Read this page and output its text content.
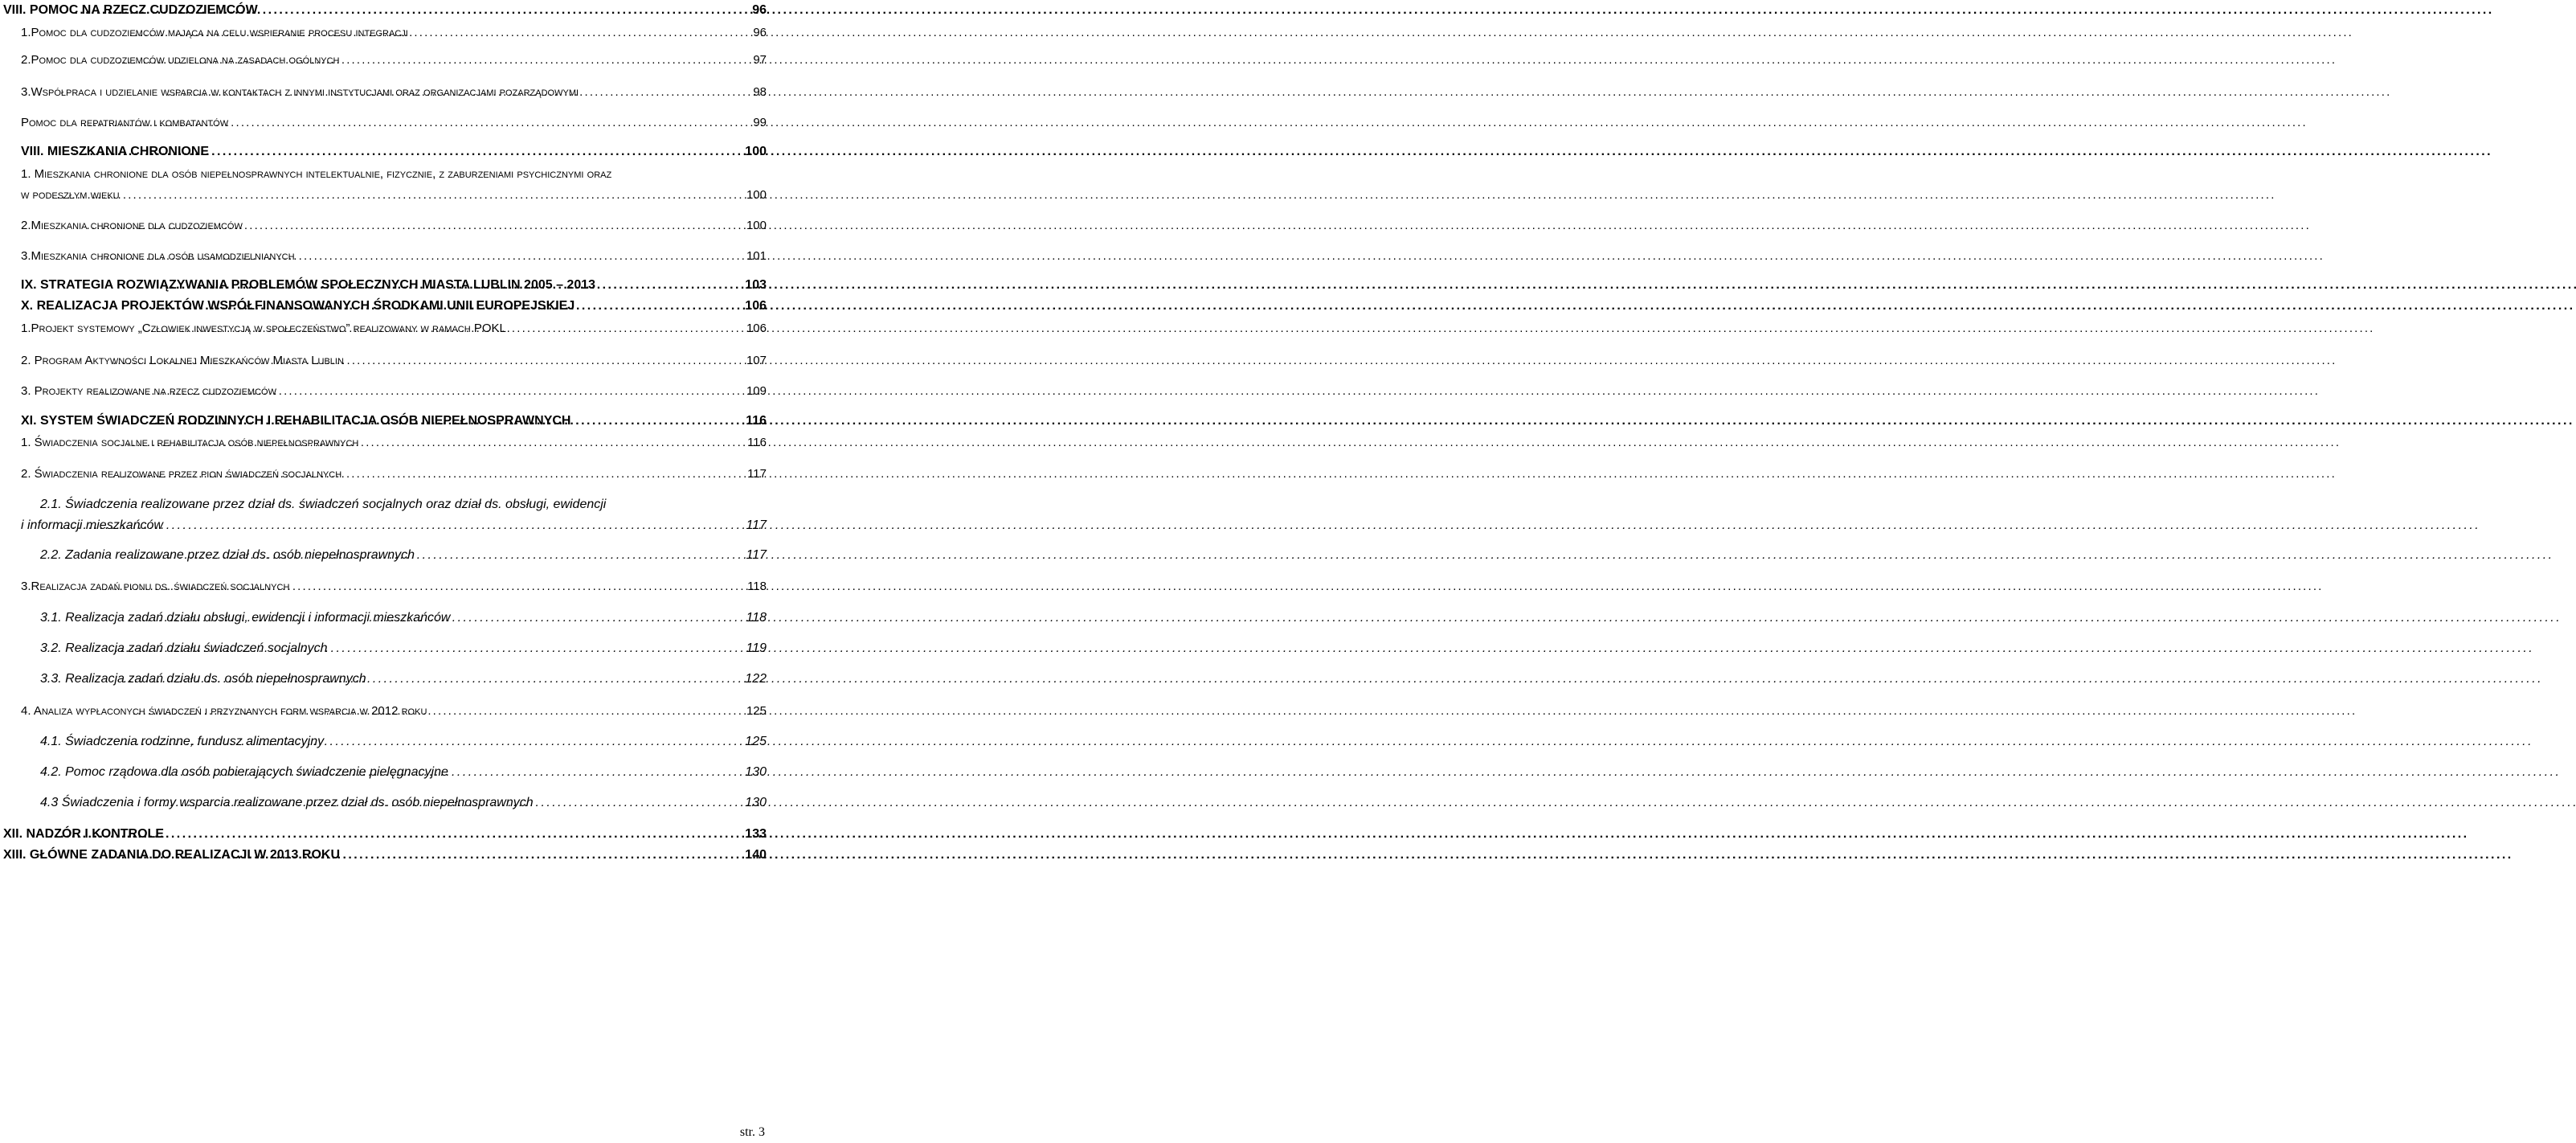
VIII. POMOC NA RZECZ CUDZOZIEMCÓW . . .	96
1.Pomoc dla cudzoziemców mająca na celu wspieranie procesu integracji . . .	96
2.Pomoc dla cudzoziemców udzielona na zasadach ogólnych . . .	97
3.Współpraca i udzielanie wsparcia w kontaktach z innymi instytucjami oraz organizacjami pozarządowymi . . .	98
Pomoc dla repatriantów i kombatantów . . .	99
VIII. MIESZKANIA CHRONIONE . . .	100
1. Mieszkania chronione dla osób niepełnosprawnych intelektualnie, fizycznie, z zaburzeniami psychicznymi oraz
w podeszłym wieku . . .	100
2.Mieszkania chronione dla cudzoziemców . . .	100
3.Mieszkania chronione dla osób usamodzielnianych . . .	101
IX. STRATEGIA ROZWIĄZYWANIA PROBLEMÓW SPOŁECZNYCH MIASTA LUBLIN 2005 – 2013 . . .	103
X. REALIZACJA PROJEKTÓW WSPÓŁFINANSOWANYCH ŚRODKAMI UNII EUROPEJSKIEJ . . .	106
1.Projekt systemowy „Człowiek inwestycją w społeczeństwo” realizowany w ramach POKL . . .	106
2. Program Aktywności Lokalnej Mieszkańców Miasta Lublin . . .	107
3. Projekty realizowane na rzecz cudzoziemców . . .	109
XI. SYSTEM ŚWIADCZEŃ RODZINNYCH I REHABILITACJA OSÓB NIEPEŁNOSPRAWNYCH . . .	116
1. Świadczenia socjalne i rehabilitacja osób niepełnosprawnych . . .	116
2. Świadczenia realizowane przez pion świadczeń socjalnych . . .	117
2.1. Świadczenia realizowane przez dział ds. świadczeń socjalnych oraz dział ds. obsługi, ewidencji
i informacji mieszkańców . . .	117
2.2. Zadania realizowane przez dział ds. osób niepełnosprawnych . . .	117
3.Realizacja zadań pionu ds. świadczeń socjalnych . . .	118
3.1. Realizacja zadań działu obsługi, ewidencji i informacji mieszkańców . . .	118
3.2. Realizacja zadań działu świadczeń socjalnych . . .	119
3.3. Realizacja zadań działu ds. osób niepełnosprawnych . . .	122
4. Analiza wypłaconych świadczeń i przyznanych form wsparcia w 2012 roku . . .	125
4.1. Świadczenia rodzinne, fundusz alimentacyjny . . .	125
4.2. Pomoc rządowa dla osób pobierających świadczenie pielęgnacyjne . . .	130
4.3 Świadczenia i formy wsparcia realizowane przez dział ds. osób niepełnosprawnych . . .	130
XII. NADZÓR I KONTROLE . . .	133
XIII. GŁÓWNE ZADANIA DO REALIZACJI W 2013 ROKU . . .	140
str. 3
